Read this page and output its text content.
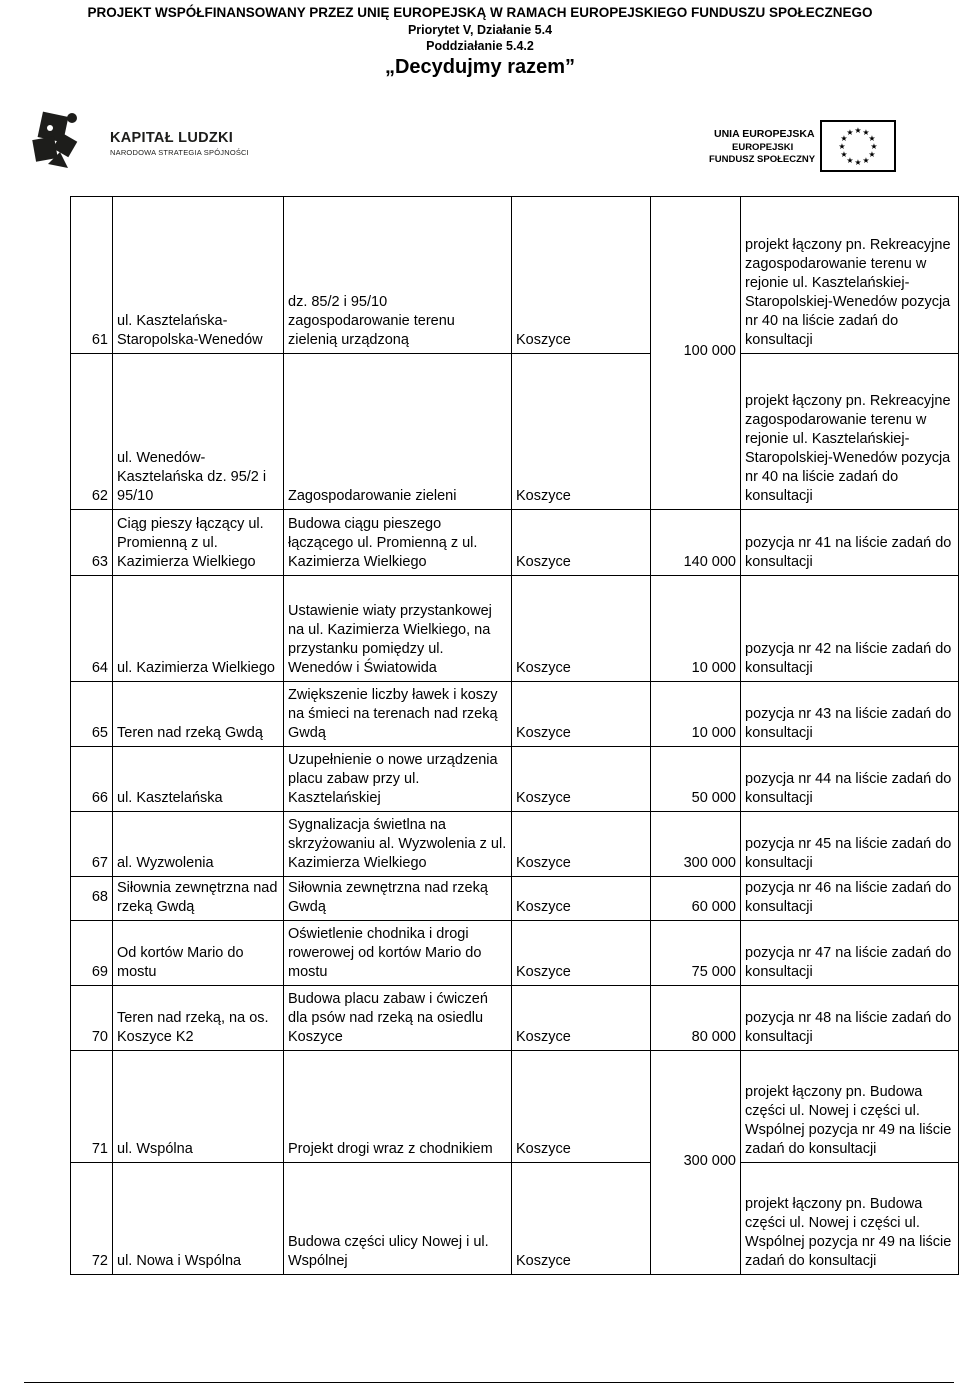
PROJEKT WSPÓŁFINANSOWANY PRZEZ UNIĘ EUROPEJSKĄ W RAMACH EUROPEJSKIEGO FUNDUSZU SPOŁECZNEGO
Priorytet V, Działanie 5.4
Poddziałanie 5.4.2
„Decydujmy razem”
KAPITAŁ LUDZKI
NARODOWA STRATEGIA SPÓJNOŚCI
UNIA EUROPEJSKA
EUROPEJSKI
FUNDUSZ SPOŁECZNY
★ ★
★
★
★
★
★
★
★
★
★
★
61	ul. Kasztelańska-Staropolska-Wenedów	dz. 85/2 i 95/10 zagospodarowanie terenu zielenią urządzoną	Koszyce	100 000	projekt łączony pn. Rekreacyjne zagospodarowanie terenu w rejonie ul. Kasztelańskiej-Staropolskiej-Wenedów pozycja nr 40 na liście zadań do konsultacji
62	ul. Wenedów-Kasztelańska dz. 95/2 i 95/10	Zagospodarowanie zieleni	Koszyce		projekt łączony pn. Rekreacyjne zagospodarowanie terenu w rejonie ul. Kasztelańskiej-Staropolskiej-Wenedów pozycja nr 40 na liście zadań do konsultacji
63	Ciąg pieszy łączący ul. Promienną z ul. Kazimierza Wielkiego	Budowa ciągu pieszego łączącego ul. Promienną z ul. Kazimierza Wielkiego	Koszyce	140 000	pozycja nr 41 na liście zadań do konsultacji
64	ul. Kazimierza Wielkiego	Ustawienie wiaty przystankowej na ul. Kazimierza Wielkiego, na przystanku pomiędzy ul. Wenedów i Światowida	Koszyce	10 000	pozycja nr 42 na liście zadań do konsultacji
65	Teren nad rzeką Gwdą	Zwiększenie liczby ławek i koszy na śmieci na terenach nad rzeką Gwdą	Koszyce	10 000	pozycja nr 43 na liście zadań do konsultacji
66	ul. Kasztelańska	Uzupełnienie o nowe urządzenia placu zabaw przy ul. Kasztelańskiej	Koszyce	50 000	pozycja nr 44 na liście zadań do konsultacji
67	al. Wyzwolenia	Sygnalizacja świetlna na skrzyżowaniu al. Wyzwolenia z ul. Kazimierza Wielkiego	Koszyce	300 000	pozycja nr 45 na liście zadań do konsultacji
68	Siłownia zewnętrzna nad rzeką Gwdą	Siłownia zewnętrzna nad rzeką Gwdą	Koszyce	60 000	pozycja nr 46 na liście zadań do konsultacji
69	Od kortów Mario do mostu	Oświetlenie chodnika i drogi rowerowej od kortów Mario do mostu	Koszyce	75 000	pozycja nr 47 na liście zadań do konsultacji
70	Teren nad rzeką, na os. Koszyce K2	Budowa placu zabaw i ćwiczeń dla psów nad rzeką na osiedlu Koszyce	Koszyce	80 000	pozycja nr 48 na liście zadań do konsultacji
71	ul. Wspólna	Projekt drogi wraz z chodnikiem	Koszyce	300 000	projekt łączony pn. Budowa części ul. Nowej i części ul. Wspólnej pozycja nr 49 na liście zadań do konsultacji
72	ul. Nowa i Wspólna	Budowa części ulicy Nowej i ul. Wspólnej	Koszyce		projekt łączony pn. Budowa części ul. Nowej i części ul. Wspólnej pozycja nr 49 na liście zadań do konsultacji
